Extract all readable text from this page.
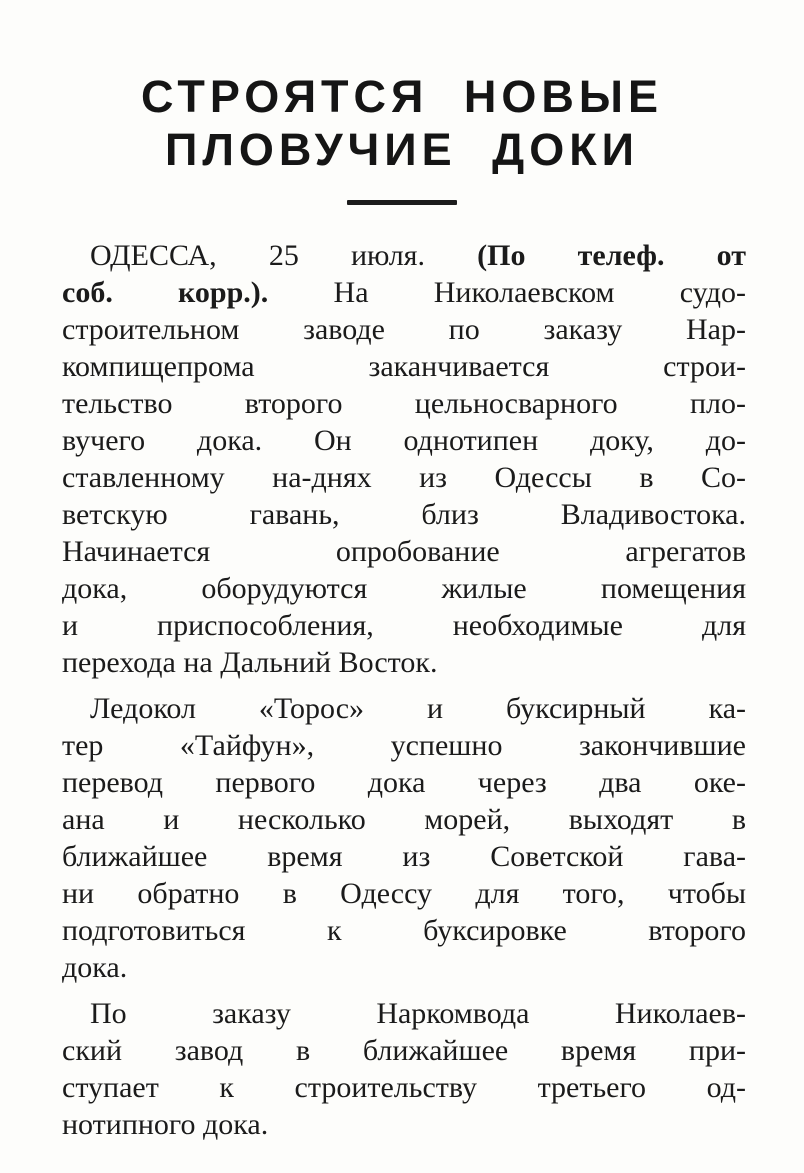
СТРОЯТСЯ НОВЫЕ
ПЛОВУЧИЕ ДОКИ

ОДЕССА, 25 июля. (По телеф. от
соб. корр.). На Николаевском судо-
строительном заводе по заказу Нар-
компищепрома заканчивается строи-
тельство второго цельносварного пло-
вучего дока. Он однотипен доку, до-
ставленному на-днях из Одессы в Со-
ветскую гавань, близ Владивостока.
Начинается опробование агрегатов
дока, оборудуются жилые помещения
и приспособления, необходимые для
перехода на Дальний Восток.

Ледокол «Торос» и буксирный ка-
тер «Тайфун», успешно закончившие
перевод первого дока через два оке-
ана и несколько морей, выходят в
ближайшее время из Советской гава-
ни обратно в Одессу для того, чтобы
подготовиться к буксировке второго
дока.

По заказу Наркомвода Николаев-
ский завод в ближайшее время при-
ступает к строительству третьего од-
нотипного дока.
